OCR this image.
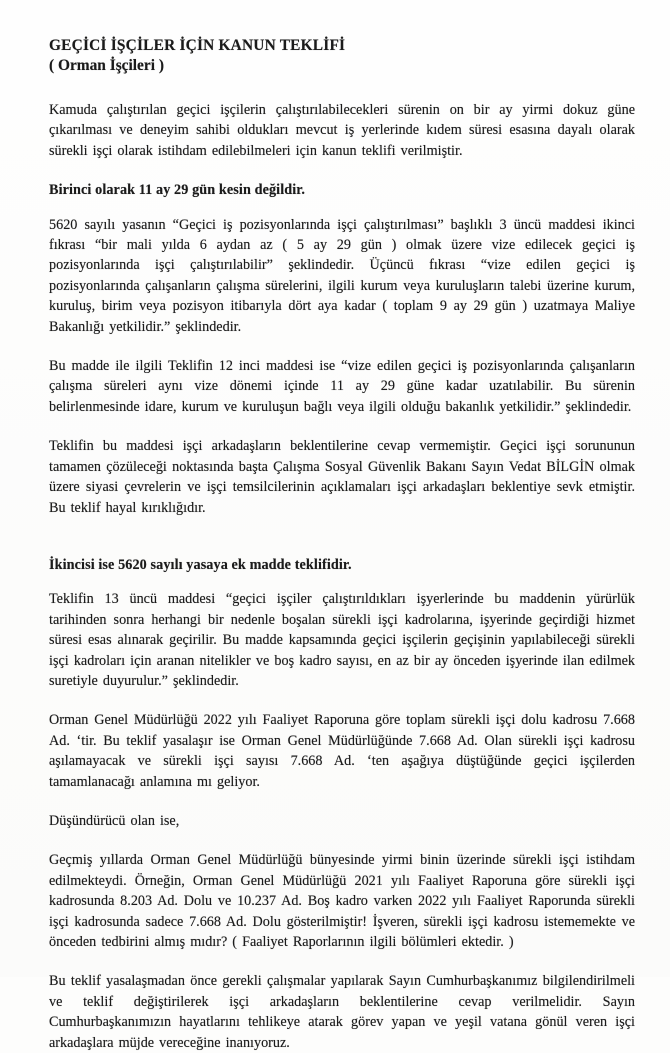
GEÇİCİ İŞÇİLER İÇİN KANUN TEKLİFİ
( Orman İşçileri )

Kamuda çalıştırılan geçici işçilerin çalıştırılabilecekleri sürenin on bir ay yirmi dokuz güne çıkarılması ve deneyim sahibi oldukları mevcut iş yerlerinde kıdem süresi esasına dayalı olarak sürekli işçi olarak istihdam edilebilmeleri için kanun teklifi verilmiştir.

Birinci olarak 11 ay 29 gün kesin değildir.

5620 sayılı yasanın “Geçici iş pozisyonlarında işçi çalıştırılması” başlıklı 3 üncü maddesi ikinci fıkrası “bir mali yılda 6 aydan az ( 5 ay 29 gün ) olmak üzere vize edilecek geçici iş pozisyonlarında işçi çalıştırılabilir” şeklindedir. Üçüncü fıkrası “vize edilen geçici iş pozisyonlarında çalışanların çalışma sürelerini, ilgili kurum veya kuruluşların talebi üzerine kurum, kuruluş, birim veya pozisyon itibarıyla dört aya kadar ( toplam 9 ay 29 gün ) uzatmaya Maliye Bakanlığı yetkilidir.” şeklindedir.

Bu madde ile ilgili Teklifin 12 inci maddesi ise “vize edilen geçici iş pozisyonlarında çalışanların çalışma süreleri aynı vize dönemi içinde 11 ay 29 güne kadar uzatılabilir. Bu sürenin belirlenmesinde idare, kurum ve kuruluşun bağlı veya ilgili olduğu bakanlık yetkilidir.” şeklindedir.

Teklifin bu maddesi işçi arkadaşların beklentilerine cevap vermemiştir. Geçici işçi sorununun tamamen çözüleceği noktasında başta Çalışma Sosyal Güvenlik Bakanı Sayın Vedat BİLGİN olmak üzere siyasi çevrelerin ve işçi temsilcilerinin açıklamaları işçi arkadaşları beklentiye sevk etmiştir. Bu teklif hayal kırıklığıdır.

İkincisi ise 5620 sayılı yasaya ek madde teklifidir.

Teklifin 13 üncü maddesi “geçici işçiler çalıştırıldıkları işyerlerinde bu maddenin yürürlük tarihinden sonra herhangi bir nedenle boşalan sürekli işçi kadrolarına, işyerinde geçirdiği hizmet süresi esas alınarak geçirilir. Bu madde kapsamında geçici işçilerin geçişinin yapılabileceği sürekli işçi kadroları için aranan nitelikler ve boş kadro sayısı, en az bir ay önceden işyerinde ilan edilmek suretiyle duyurulur.” şeklindedir.

Orman Genel Müdürlüğü 2022 yılı Faaliyet Raporuna göre toplam sürekli işçi dolu kadrosu 7.668 Ad. ‘tir. Bu teklif yasalaşır ise Orman Genel Müdürlüğünde 7.668 Ad. Olan sürekli işçi kadrosu aşılamayacak ve sürekli işçi sayısı 7.668 Ad. ‘ten aşağıya düştüğünde geçici işçilerden tamamlanacağı anlamına mı geliyor.

Düşündürücü olan ise,

Geçmiş yıllarda Orman Genel Müdürlüğü bünyesinde yirmi binin üzerinde sürekli işçi istihdam edilmekteydi. Örneğin, Orman Genel Müdürlüğü 2021 yılı Faaliyet Raporuna göre sürekli işçi kadrosunda 8.203 Ad. Dolu ve 10.237 Ad. Boş kadro varken 2022 yılı Faaliyet Raporunda sürekli işçi kadrosunda sadece 7.668 Ad. Dolu gösterilmiştir! İşveren, sürekli işçi kadrosu istememekte ve önceden tedbirini almış mıdır? ( Faaliyet Raporlarının ilgili bölümleri ektedir. )

Bu teklif yasalaşmadan önce gerekli çalışmalar yapılarak Sayın Cumhurbaşkanımız bilgilendirilmeli ve teklif değiştirilerek işçi arkadaşların beklentilerine cevap verilmelidir. Sayın Cumhurbaşkanımızın hayatlarını tehlikeye atarak görev yapan ve yeşil vatana gönül veren işçi arkadaşlara müjde vereceğine inanıyoruz.
